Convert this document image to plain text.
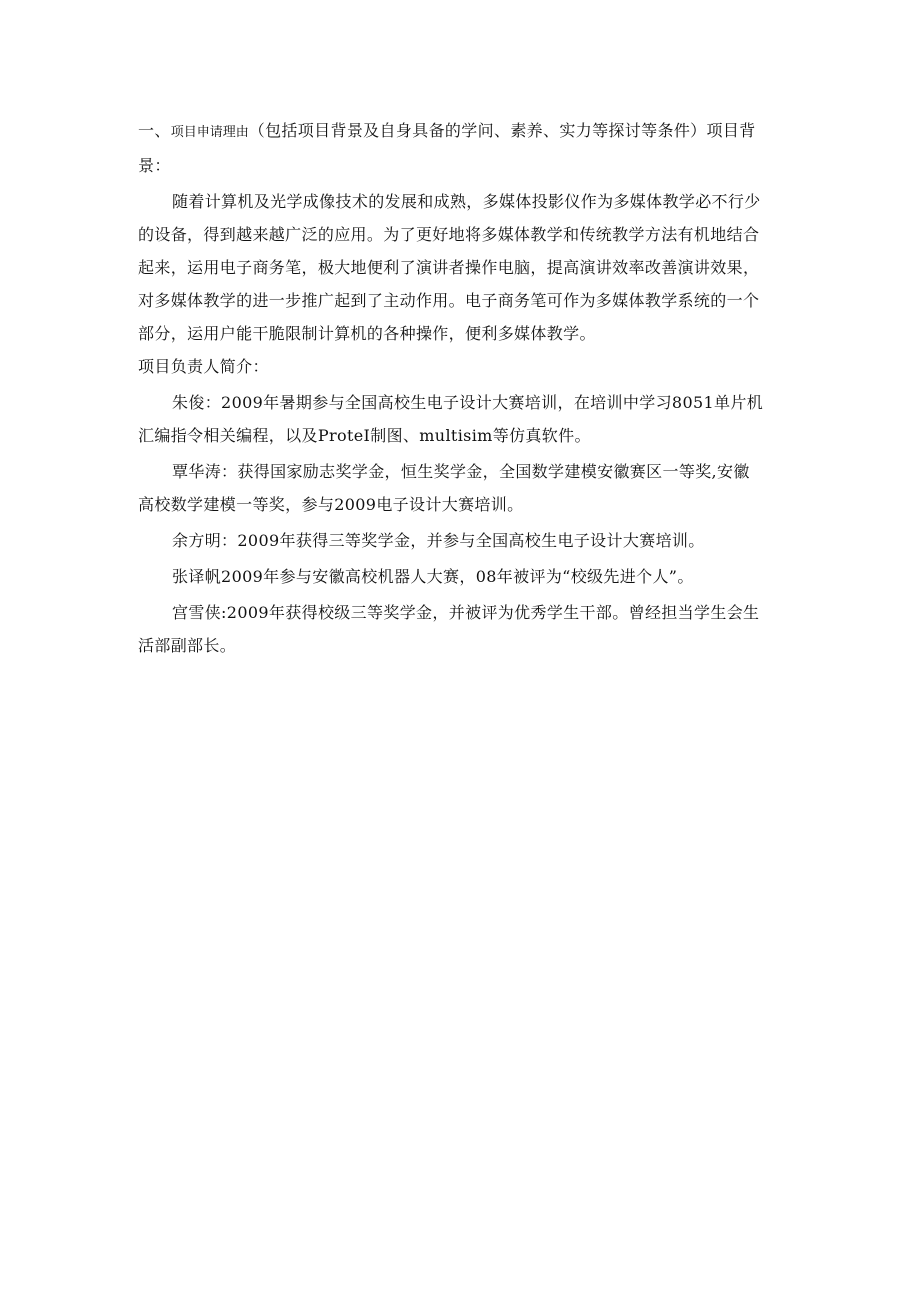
一、项目申请理由（包括项目背景及自身具备的学问、素养、实力等探讨等条件）项目背

景：

随着计算机及光学成像技术的发展和成熟，多媒体投影仪作为多媒体教学必不行少

的设备，得到越来越广泛的应用。为了更好地将多媒体教学和传统教学方法有机地结合

起来，运用电子商务笔，极大地便利了演讲者操作电脑，提高演讲效率改善演讲效果，

对多媒体教学的进一步推广起到了主动作用。电子商务笔可作为多媒体教学系统的一个

部分，运用户能干脆限制计算机的各种操作，便利多媒体教学。

项目负责人简介：

朱俊：2009年暑期参与全国高校生电子设计大赛培训，在培训中学习8051单片机

汇编指令相关编程，以及ProteI制图、multisim等仿真软件。

覃华涛：获得国家励志奖学金，恒生奖学金，全国数学建模安徽赛区一等奖,安徽

高校数学建模一等奖，参与2009电子设计大赛培训。

余方明：2009年获得三等奖学金，并参与全国高校生电子设计大赛培训。

张译帆2009年参与安徽高校机器人大赛，08年被评为“校级先进个人”。

宫雪侠:2009年获得校级三等奖学金，并被评为优秀学生干部。曾经担当学生会生

活部副部长。
